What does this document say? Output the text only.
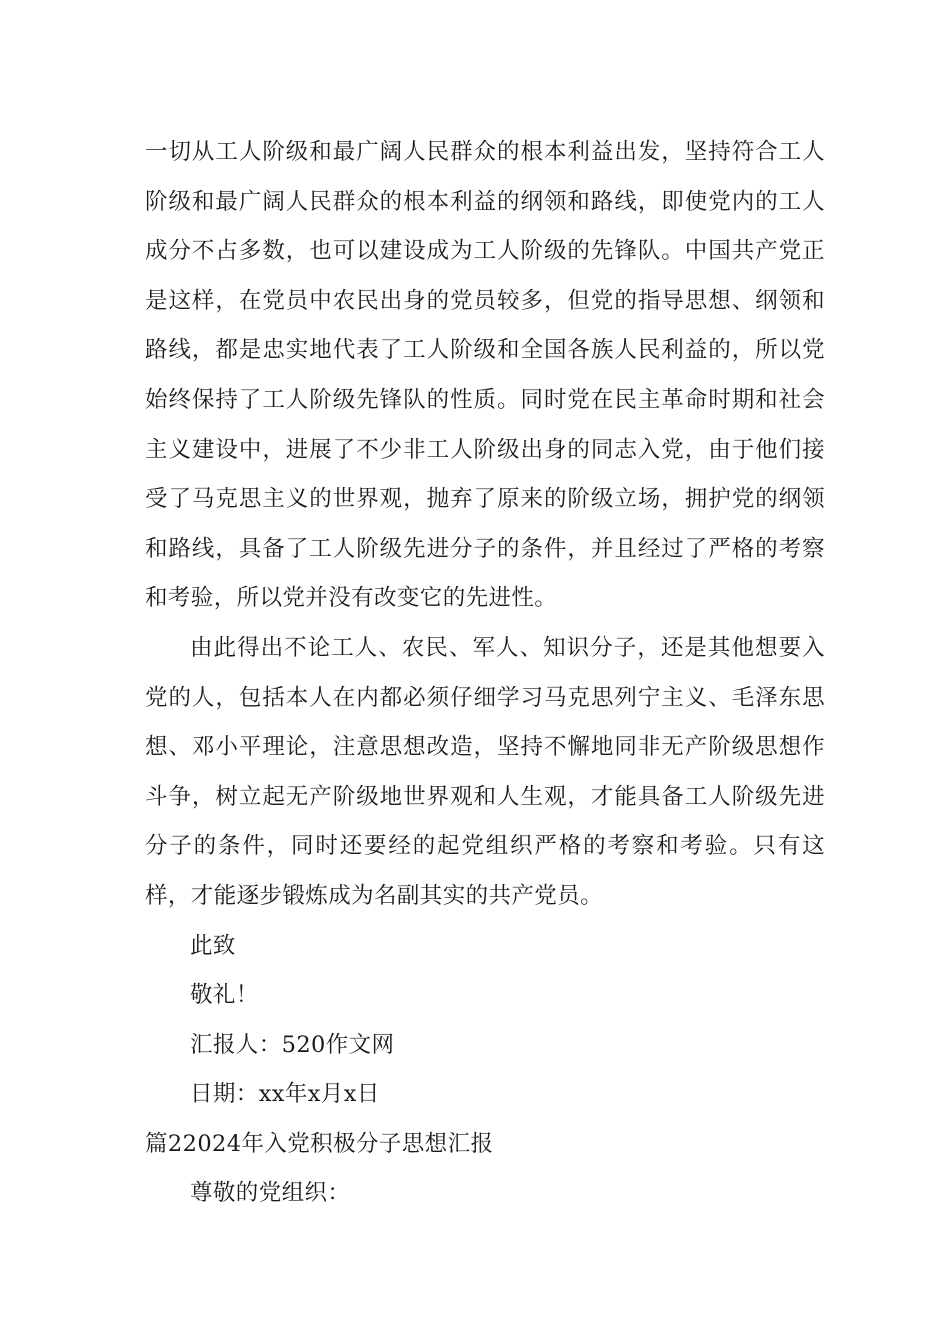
一切从工人阶级和最广阔人民群众的根本利益出发，坚持符合工人阶级和最广阔人民群众的根本利益的纲领和路线，即使党内的工人成分不占多数，也可以建设成为工人阶级的先锋队。中国共产党正是这样，在党员中农民出身的党员较多，但党的指导思想、纲领和路线，都是忠实地代表了工人阶级和全国各族人民利益的，所以党始终保持了工人阶级先锋队的性质。同时党在民主革命时期和社会主义建设中，进展了不少非工人阶级出身的同志入党，由于他们接受了马克思主义的世界观，抛弃了原来的阶级立场，拥护党的纲领和路线，具备了工人阶级先进分子的条件，并且经过了严格的考察和考验，所以党并没有改变它的先进性。

由此得出不论工人、农民、军人、知识分子，还是其他想要入党的人，包括本人在内都必须仔细学习马克思列宁主义、毛泽东思想、邓小平理论，注意思想改造，坚持不懈地同非无产阶级思想作斗争，树立起无产阶级地世界观和人生观，才能具备工人阶级先进分子的条件，同时还要经的起党组织严格的考察和考验。只有这样，才能逐步锻炼成为名副其实的共产党员。

此致

敬礼！

汇报人：520作文网

日期：xx年x月x日

篇22024年入党积极分子思想汇报

尊敬的党组织：
